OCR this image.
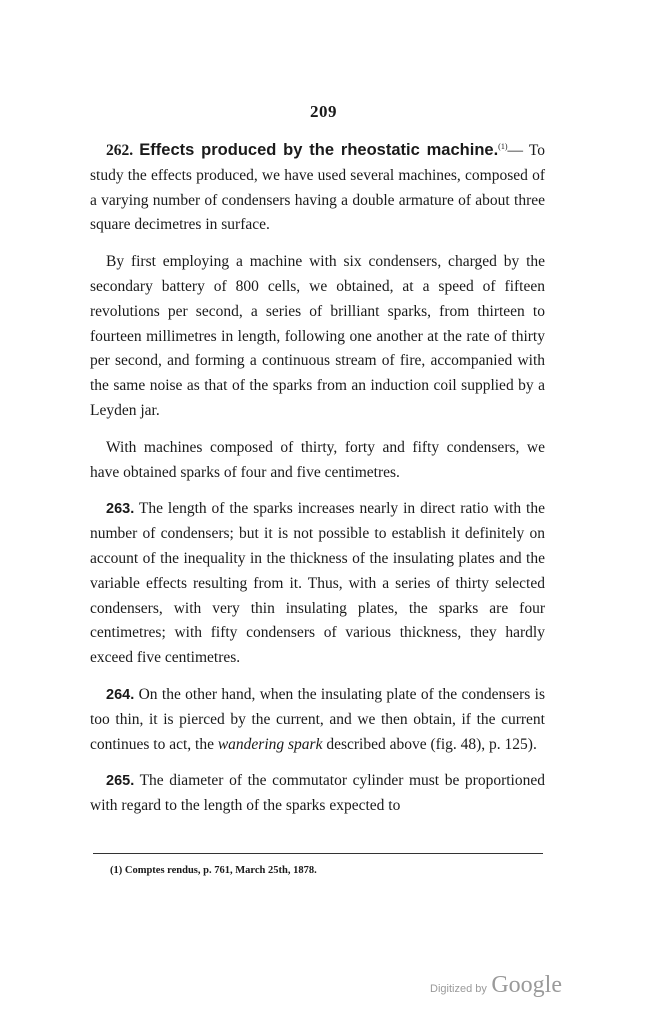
209

262. Effects produced by the rheostatic machine.$^{(1)}$— To study the effects produced, we have used several machines, composed of a varying number of condensers having a double armature of about three square decimetres in surface.

By first employing a machine with six condensers, charged by the secondary battery of 800 cells, we obtained, at a speed of fifteen revolutions per second, a series of brilliant sparks, from thirteen to fourteen millimetres in length, following one another at the rate of thirty per second, and forming a continuous stream of fire, accompanied with the same noise as that of the sparks from an induction coil supplied by a Leyden jar.

With machines composed of thirty, forty and fifty condensers, we have obtained sparks of four and five centimetres.

263. The length of the sparks increases nearly in direct ratio with the number of condensers; but it is not possible to establish it definitely on account of the inequality in the thickness of the insulating plates and the variable effects resulting from it. Thus, with a series of thirty selected condensers, with very thin insulating plates, the sparks are four centimetres; with fifty condensers of various thickness, they hardly exceed five centimetres.

264. On the other hand, when the insulating plate of the condensers is too thin, it is pierced by the current, and we then obtain, if the current continues to act, the wandering spark described above (fig. 48), p. 125).

265. The diameter of the commutator cylinder must be proportioned with regard to the length of the sparks expected to

(1) Comptes rendus, p. 761, March 25th, 1878.
Digitized by Google
